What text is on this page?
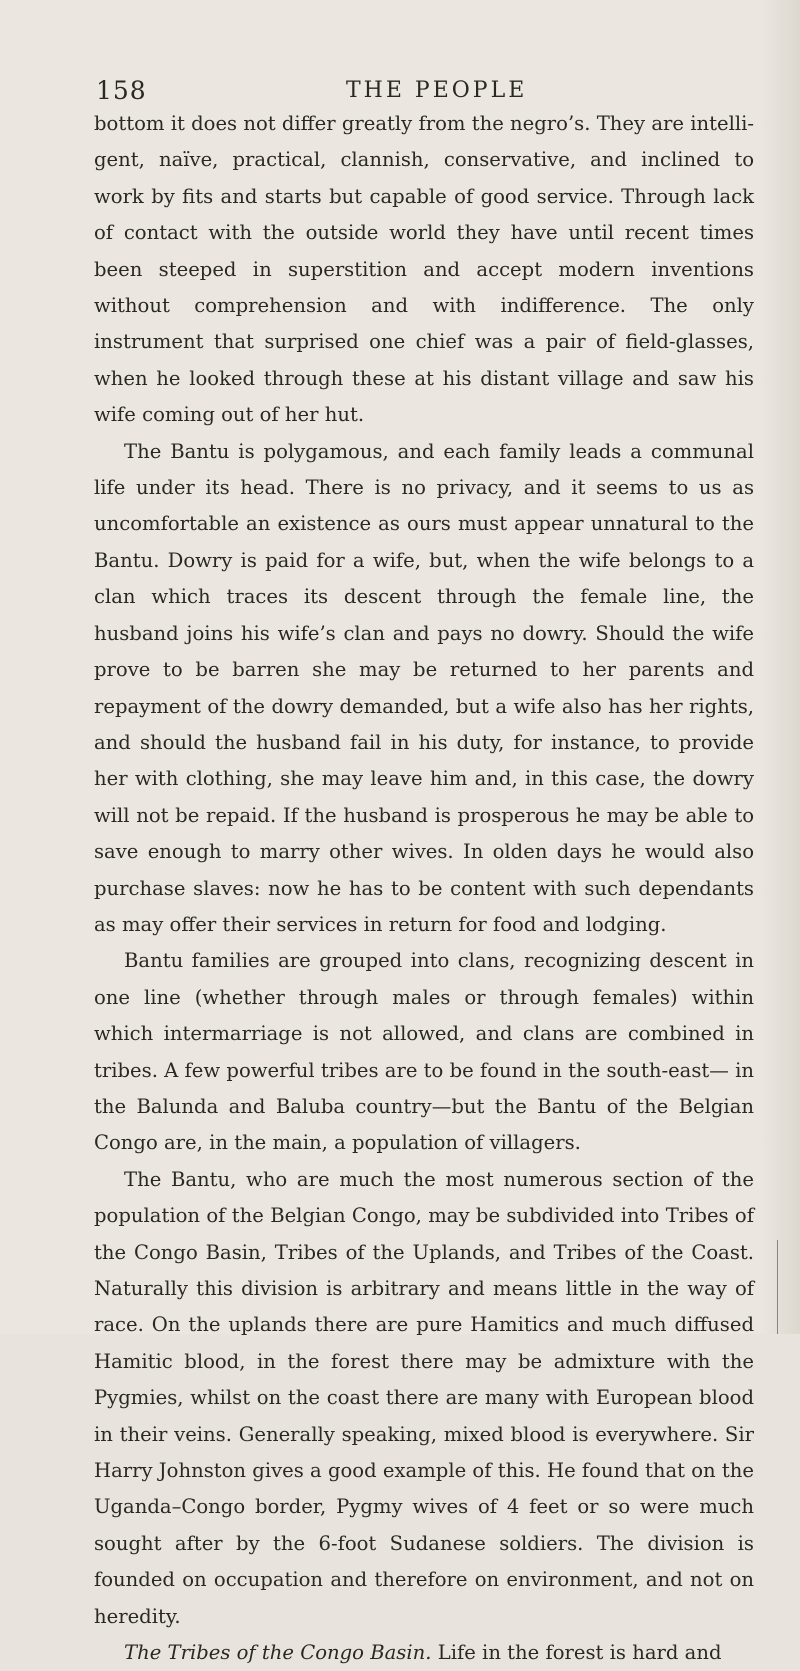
158	THE PEOPLE

bottom it does not differ greatly from the negro’s. They are intelligent, naïve, practical, clannish, conservative, and inclined to work by fits and starts but capable of good service. Through lack of contact with the outside world they have until recent times been steeped in superstition and accept modern inventions without comprehension and with indifference. The only instrument that surprised one chief was a pair of field-glasses, when he looked through these at his distant village and saw his wife coming out of her hut.

The Bantu is polygamous, and each family leads a communal life under its head. There is no privacy, and it seems to us as uncomfortable an existence as ours must appear unnatural to the Bantu. Dowry is paid for a wife, but, when the wife belongs to a clan which traces its descent through the female line, the husband joins his wife’s clan and pays no dowry. Should the wife prove to be barren she may be returned to her parents and repayment of the dowry demanded, but a wife also has her rights, and should the husband fail in his duty, for instance, to provide her with clothing, she may leave him and, in this case, the dowry will not be repaid. If the husband is prosperous he may be able to save enough to marry other wives. In olden days he would also purchase slaves: now he has to be content with such dependants as may offer their services in return for food and lodging.

Bantu families are grouped into clans, recognizing descent in one line (whether through males or through females) within which intermarriage is not allowed, and clans are combined in tribes. A few powerful tribes are to be found in the south-east— in the Balunda and Baluba country—but the Bantu of the Belgian Congo are, in the main, a population of villagers.

The Bantu, who are much the most numerous section of the population of the Belgian Congo, may be subdivided into Tribes of the Congo Basin, Tribes of the Uplands, and Tribes of the Coast. Naturally this division is arbitrary and means little in the way of race. On the uplands there are pure Hamitics and much diffused Hamitic blood, in the forest there may be admixture with the Pygmies, whilst on the coast there are many with European blood in their veins. Generally speaking, mixed blood is everywhere. Sir Harry Johnston gives a good example of this. He found that on the Uganda–Congo border, Pygmy wives of 4 feet or so were much sought after by the 6-foot Sudanese soldiers. The division is founded on occupation and therefore on environment, and not on heredity.

The Tribes of the Congo Basin. Life in the forest is hard and
